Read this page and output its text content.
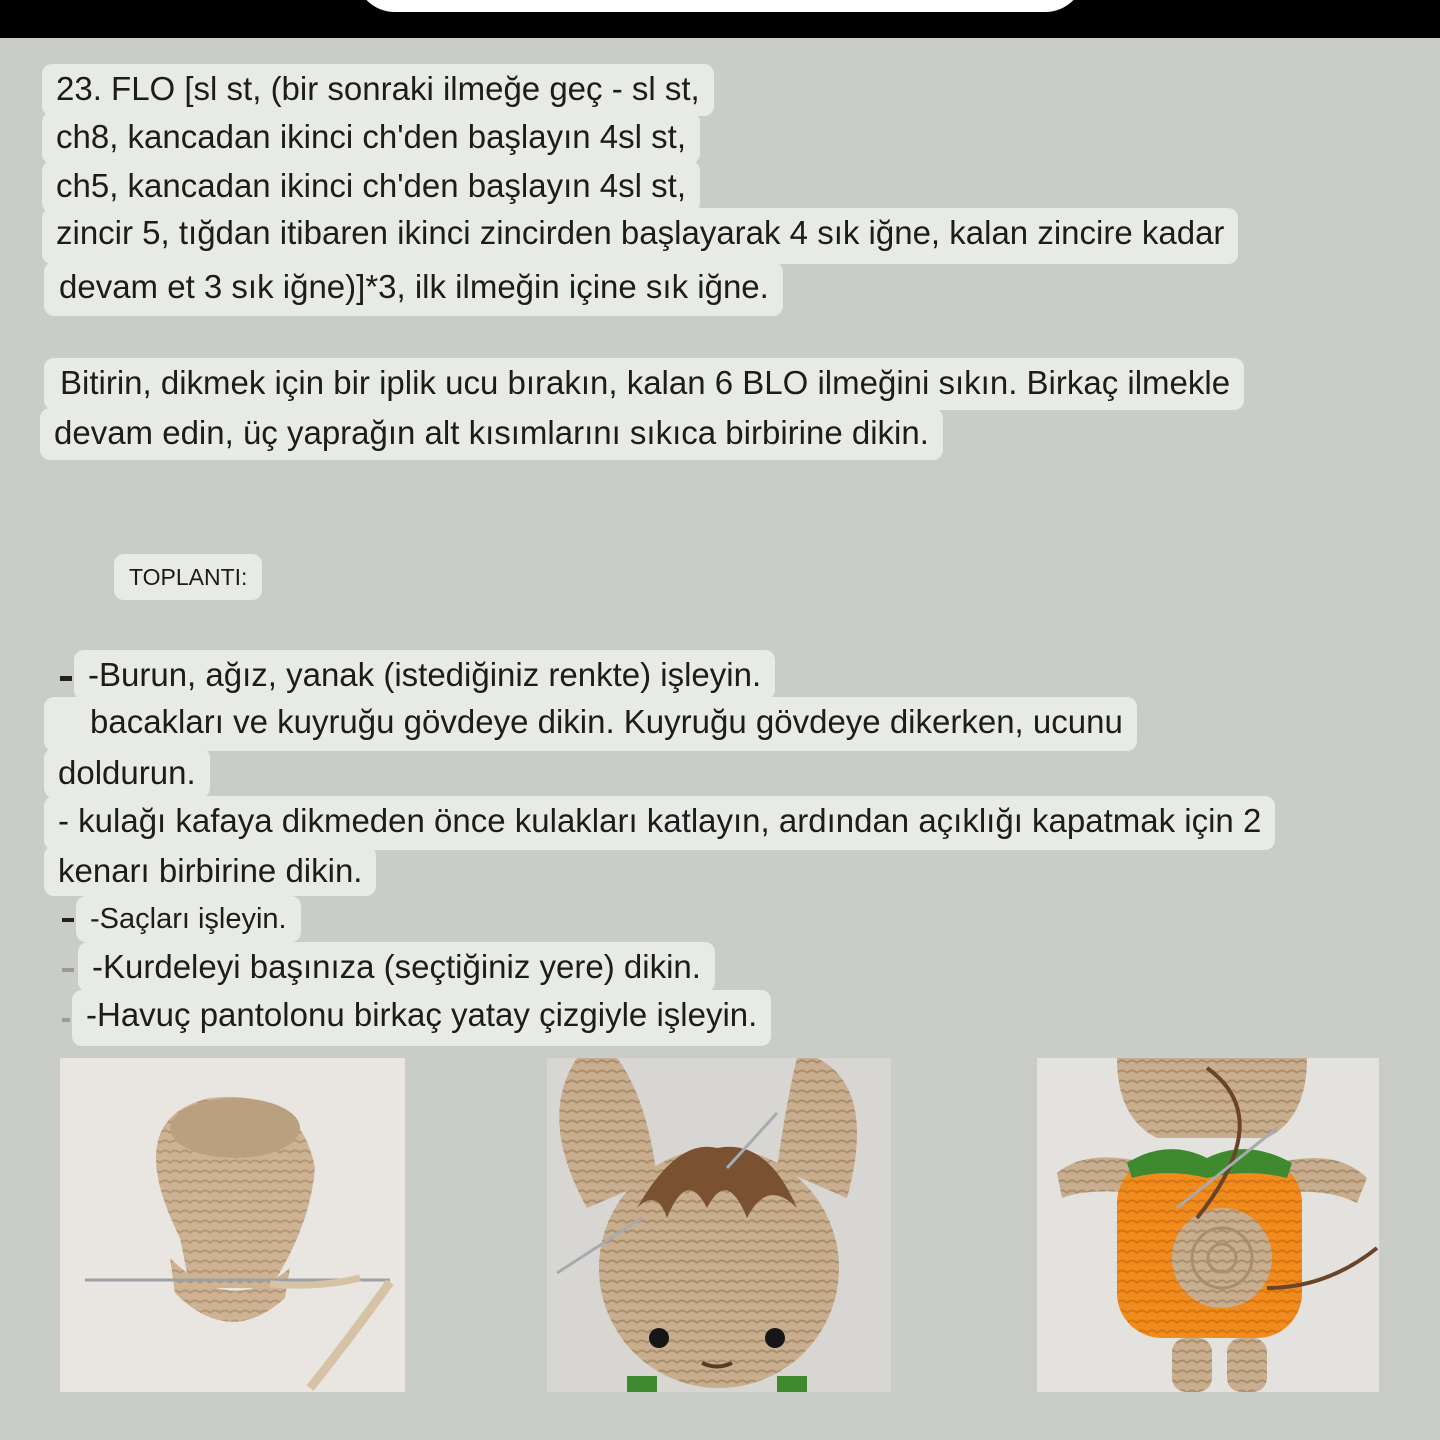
23. FLO [sl st, (bir sonraki ilmeğe geç - sl st,
ch8, kancadan ikinci ch'den başlayın 4sl st,
ch5, kancadan ikinci ch'den başlayın 4sl st,
zincir 5, tığdan itibaren ikinci zincirden başlayarak 4 sık iğne, kalan zincire kadar
devam et 3 sık iğne)]*3, ilk ilmeğin içine sık iğne.
Bitirin, dikmek için bir iplik ucu bırakın, kalan 6 BLO ilmeğini sıkın. Birkaç ilmekle
devam edin, üç yaprağın alt kısımlarını sıkıca birbirine dikin.
TOPLANTI:
-Burun, ağız, yanak (istediğiniz renkte) işleyin.
bacakları ve kuyruğu gövdeye dikin. Kuyruğu gövdeye dikerken, ucunu
doldurun.
- kulağı kafaya dikmeden önce kulakları katlayın, ardından açıklığı kapatmak için 2
kenarı birbirine dikin.
-Saçları işleyin.
-Kurdeleyi başınıza (seçtiğiniz yere) dikin.
-Havuç pantolonu birkaç yatay çizgiyle işleyin.
